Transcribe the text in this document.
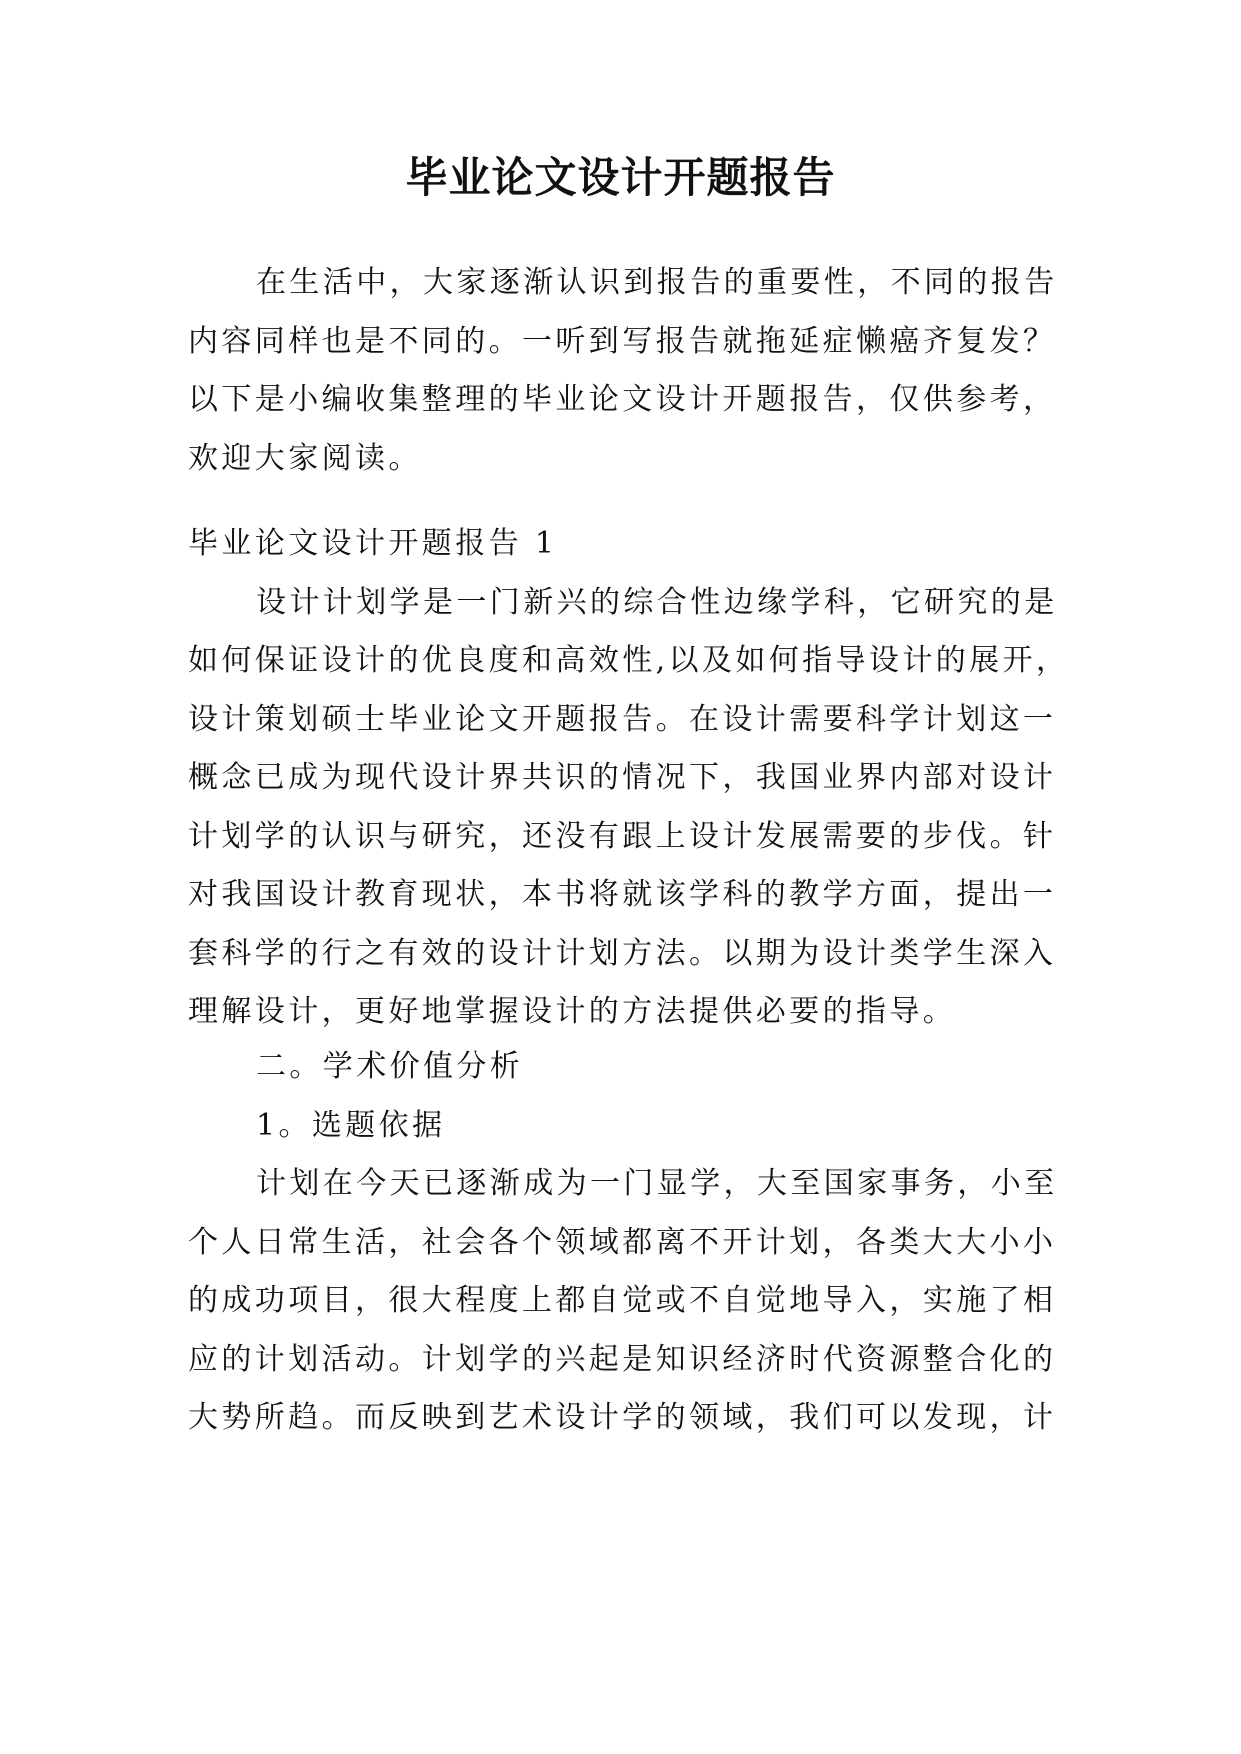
毕业论文设计开题报告
在生活中，大家逐渐认识到报告的重要性，不同的报告
内容同样也是不同的。一听到写报告就拖延症懒癌齐复发？
以下是小编收集整理的毕业论文设计开题报告，仅供参考，
欢迎大家阅读。
毕业论文设计开题报告 1
设计计划学是一门新兴的综合性边缘学科，它研究的是
如何保证设计的优良度和高效性,以及如何指导设计的展开，
设计策划硕士毕业论文开题报告。在设计需要科学计划这一
概念已成为现代设计界共识的情况下，我国业界内部对设计
计划学的认识与研究，还没有跟上设计发展需要的步伐。针
对我国设计教育现状，本书将就该学科的教学方面，提出一
套科学的行之有效的设计计划方法。以期为设计类学生深入
理解设计，更好地掌握设计的方法提供必要的指导。
二。学术价值分析
1。选题依据
计划在今天已逐渐成为一门显学，大至国家事务，小至
个人日常生活，社会各个领域都离不开计划，各类大大小小
的成功项目，很大程度上都自觉或不自觉地导入，实施了相
应的计划活动。计划学的兴起是知识经济时代资源整合化的
大势所趋。而反映到艺术设计学的领域，我们可以发现，计
